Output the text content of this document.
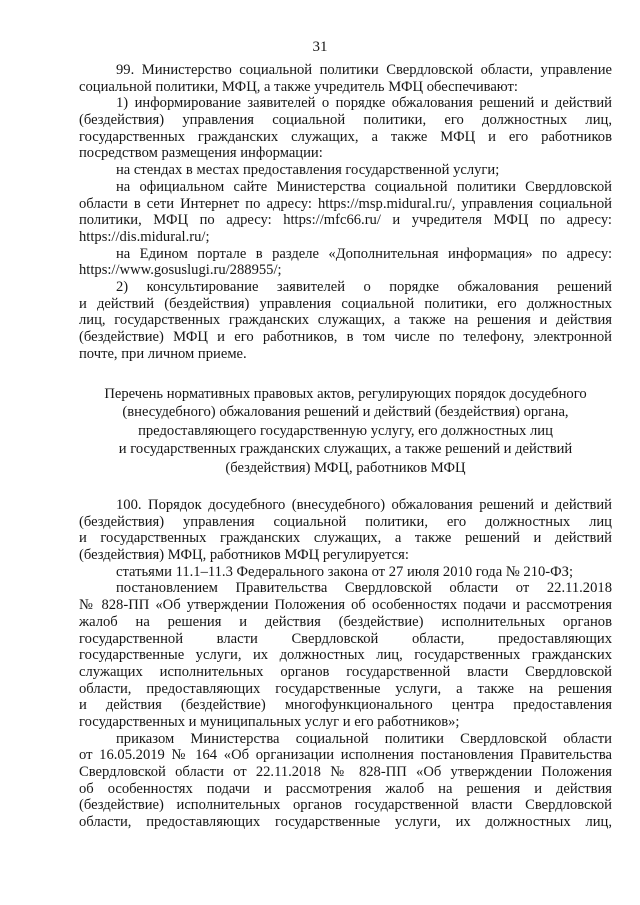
31
99. Министерство социальной политики Свердловской области, управление
социальной политики, МФЦ, а также учредитель МФЦ обеспечивают:
1) информирование заявителей о порядке обжалования решений и действий
(бездействия) управления социальной политики, его должностных лиц,
государственных гражданских служащих, а также МФЦ и его работников
посредством размещения информации:
на стендах в местах предоставления государственной услуги;
на официальном сайте Министерства социальной политики Свердловской
области в сети Интернет по адресу: https://msp.midural.ru/, управления социальной
политики, МФЦ по адресу: https://mfc66.ru/ и учредителя МФЦ по адресу:
https://dis.midural.ru/;
на Едином портале в разделе «Дополнительная информация» по адресу:
https://www.gosuslugi.ru/288955/;
2) консультирование заявителей о порядке обжалования решений
и действий (бездействия) управления социальной политики, его должностных
лиц, государственных гражданских служащих, а также на решения и действия
(бездействие) МФЦ и его работников, в том числе по телефону, электронной
почте, при личном приеме.
Перечень нормативных правовых актов, регулирующих порядок досудебного
(внесудебного) обжалования решений и действий (бездействия) органа,
предоставляющего государственную услугу, его должностных лиц
и государственных гражданских служащих, а также решений и действий
(бездействия) МФЦ, работников МФЦ
100. Порядок досудебного (внесудебного) обжалования решений и действий
(бездействия) управления социальной политики, его должностных лиц
и государственных гражданских служащих, а также решений и действий
(бездействия) МФЦ, работников МФЦ регулируется:
статьями 11.1–11.3 Федерального закона от 27 июля 2010 года № 210-ФЗ;
постановлением Правительства Свердловской области от 22.11.2018
№ 828-ПП «Об утверждении Положения об особенностях подачи и рассмотрения
жалоб на решения и действия (бездействие) исполнительных органов
государственной власти Свердловской области, предоставляющих
государственные услуги, их должностных лиц, государственных гражданских
служащих исполнительных органов государственной власти Свердловской
области, предоставляющих государственные услуги, а также на решения
и действия (бездействие) многофункционального центра предоставления
государственных и муниципальных услуг и его работников»;
приказом Министерства социальной политики Свердловской области
от 16.05.2019 № 164 «Об организации исполнения постановления Правительства
Свердловской области от 22.11.2018 № 828-ПП «Об утверждении Положения
об особенностях подачи и рассмотрения жалоб на решения и действия
(бездействие) исполнительных органов государственной власти Свердловской
области, предоставляющих государственные услуги, их должностных лиц,
